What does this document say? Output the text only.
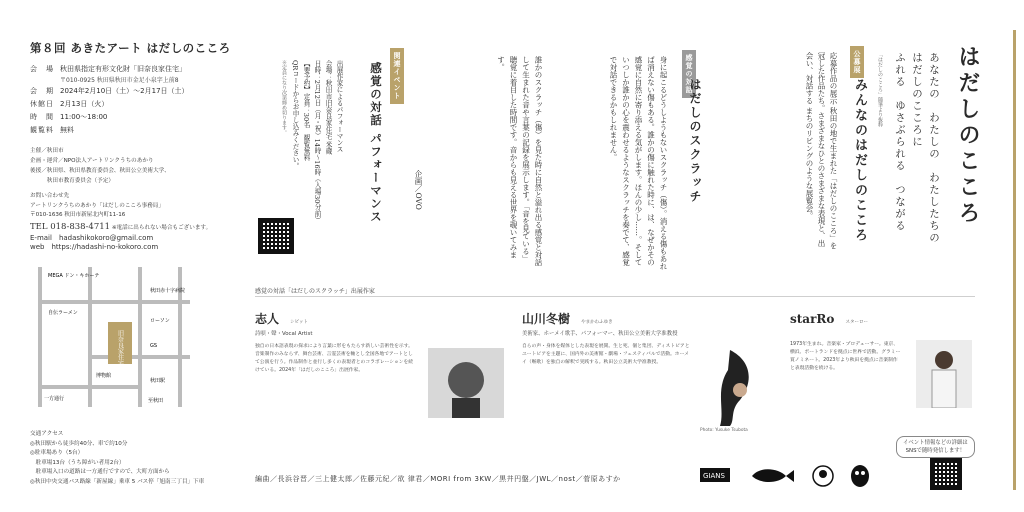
第８回 あきたアート はだしのこころ
会　場 秋田県指定有形文化財「旧奈良家住宅」
〒010-0925 秋田県秋田市金足小泉字上前8
会　期 2024年2月10日（土）〜2月17日（土）
休館日 2月13日（火）
時　間 11:00〜18:00
観覧料 無料
主催／秋田市
企画・運営／NPO法人アートリンクうちのあかり
後援／秋田県、秋田県教育委員会、秋田公立美術大学、
　　　秋田市教育委員会（予定）
お問い合わせ先
アートリンクうちのあかり「はだしのこころ事務局」
〒010-1636 秋田市新屋北内町11-16
TEL 018-838-4711 ※電話に出られない場合もございます。
E-mail　hadashikokoro@gmail.com
web　https://hadashi-no-kokoro.com
旧奈良家住宅
MEGA ドン・キホーテ
自伝ラーメン
秋田赤十字病院
ローソン
GS
博物館
一方通行
秋田駅
至秋田
交通アクセス
◎秋田駅から徒歩約40分、車で約10分
◎駐車場あり（5台）
　駐車場13台（うち障がい者用2台）
　駐車場入口の道路は一方通行ですので、大町方面から
◎秋田中央交通バス路線「新屋線」乗車 5 バス停「旭南三丁目」下車
はだしのこころ
あなたの　わたしの　わたしたちの
はだしのこころに
ふれる　ゆさぶられる　つながる
「はだしのこころ」随筆より抜粋
公募展
みんなのはだしのこころ
応募作品の展示 秋田の地で生まれた「はだしのこころ」を冠した作品たち。さまざまなひとのさまざまな表現と、出会い、対話する まちのリビングのような展覧会。
感覚の対話
はだしのスクラッチ
身に起こるどうしようもないスクラッチ（傷）。消える傷もあれば消えない傷もある。誰かの傷に触れた時に、は、なぜかその感覚に自然に寄り添える気がします。ほんの少し……。そしていつしか誰かの心を震わせるようなスクラッチを奏でて、感覚で対話できるかもしれません。
誰かのスクラッチ（傷）を見た時に自然と溢れ出る感覚と対話して生まれた音や言葉の記録を展示します。「音を見ている」聴覚に着目した時間です。音からも見える世界を覗いてみます。
企画／OVO
関連イベント
感覚の対話 パフォーマンス
出展作家によるパフォーマンス
会場：秋田市旧奈良家住宅 米蔵
日時：2月12日（月・祝）14時〜16時（入場30分前）
【要予約】定員：30名　観覧無料
QRコードからお申し込みください。
※定員になり次第締め切ります。
感覚の対話「はだしのスクラッチ」出展作家
志人 シビット
詩唄・聲・Vocal Artist
独自の日本語表現の探求により言葉に形をもたらす新しい芸術性を示す。音楽制作のみならず、舞台芸術、言霊芸術を軸とし全国各地でアートとして公演を行う。作品制作と並行し多くの表現者とのコラボレーションを続けている。2024年「はだしのこころ」出展作家。
山川冬樹 やまかわふゆき
美術家、ホーメイ歌手、パフォーマー、秋田公立美術大学准教授
自らの声・身体を媒体とした表現を展開。生と死、個と集団、ディストピアとユートピアを主題に、国内外の美術館・劇場・フェスティバルで活動。ホーメイ（喉歌）を独自の解釈で実践する。秋田公立美術大学准教授。
Photo: Yusuke Tsubota
starRo スターロー
1973年生まれ。音楽家・プロデューサー。東京、横浜、ポートランドを拠点に世界で活動。グラミー賞ノミネート。2023年より秋田を拠点に音楽制作と表現活動を続ける。
イベント情報などの詳細は
SNSで随時発信します！
編曲／長浜谷晋／三上健太郎／佐藤元紀／欲 律君／MORI from 3KW／黒井円盤／JWL／nost／菅原あすか	GIANS
